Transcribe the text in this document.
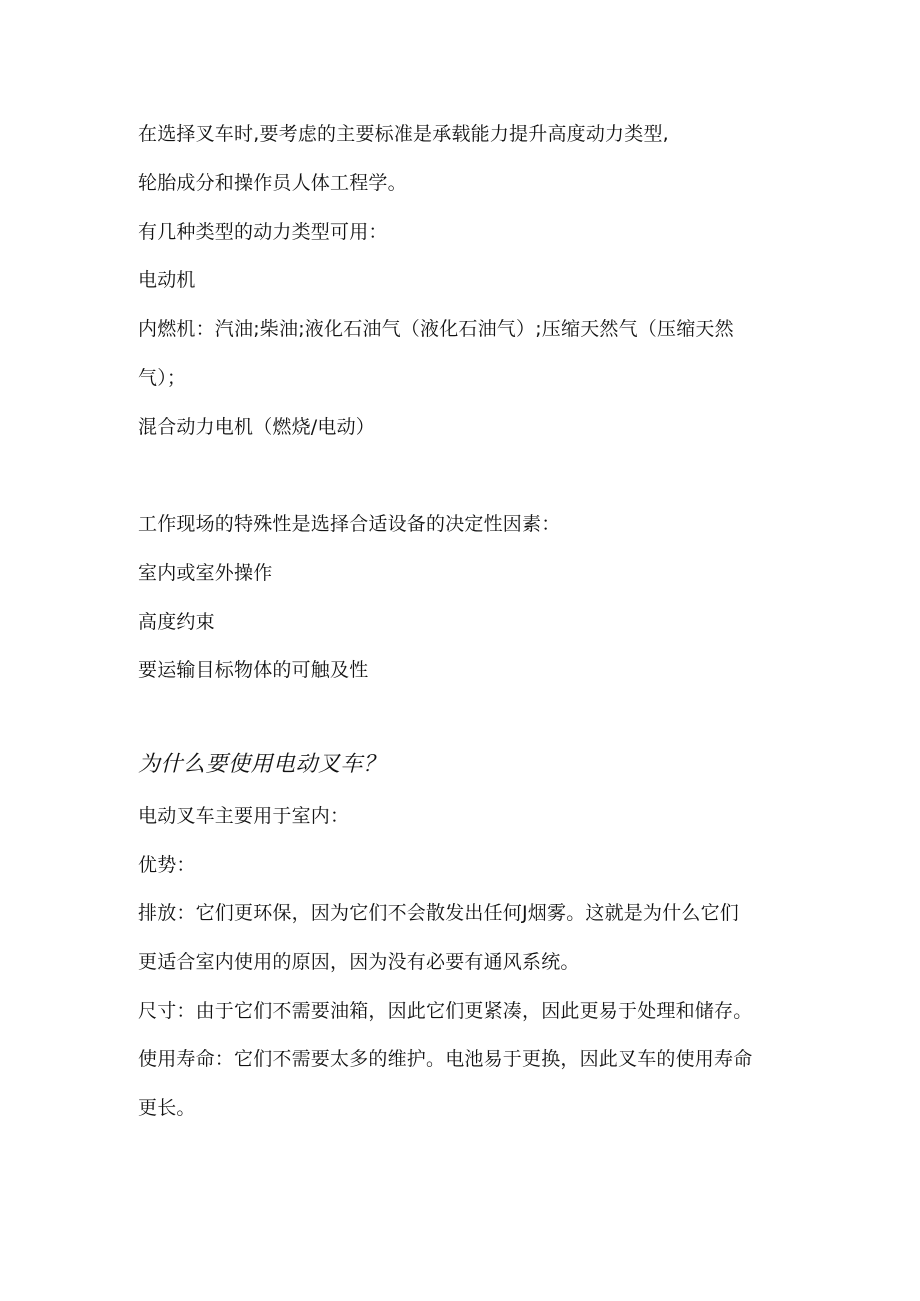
在选择叉车时,要考虑的主要标准是承载能力提升高度动力类型,
轮胎成分和操作员人体工程学。
有几种类型的动力类型可用：
电动机
内燃机：汽油;柴油;液化石油气（液化石油气）;压缩天然气（压缩天然
气）；
混合动力电机（燃烧/电动）
工作现场的特殊性是选择合适设备的决定性因素：
室内或室外操作
高度约束
要运输目标物体的可触及性
为什么要使用电动叉车？
电动叉车主要用于室内：
优势：
排放：它们更环保，因为它们不会散发出任何J烟雾。这就是为什么它们
更适合室内使用的原因，因为没有必要有通风系统。
尺寸：由于它们不需要油箱，因此它们更紧凑，因此更易于处理和储存。
使用寿命：它们不需要太多的维护。电池易于更换，因此叉车的使用寿命
更长。
